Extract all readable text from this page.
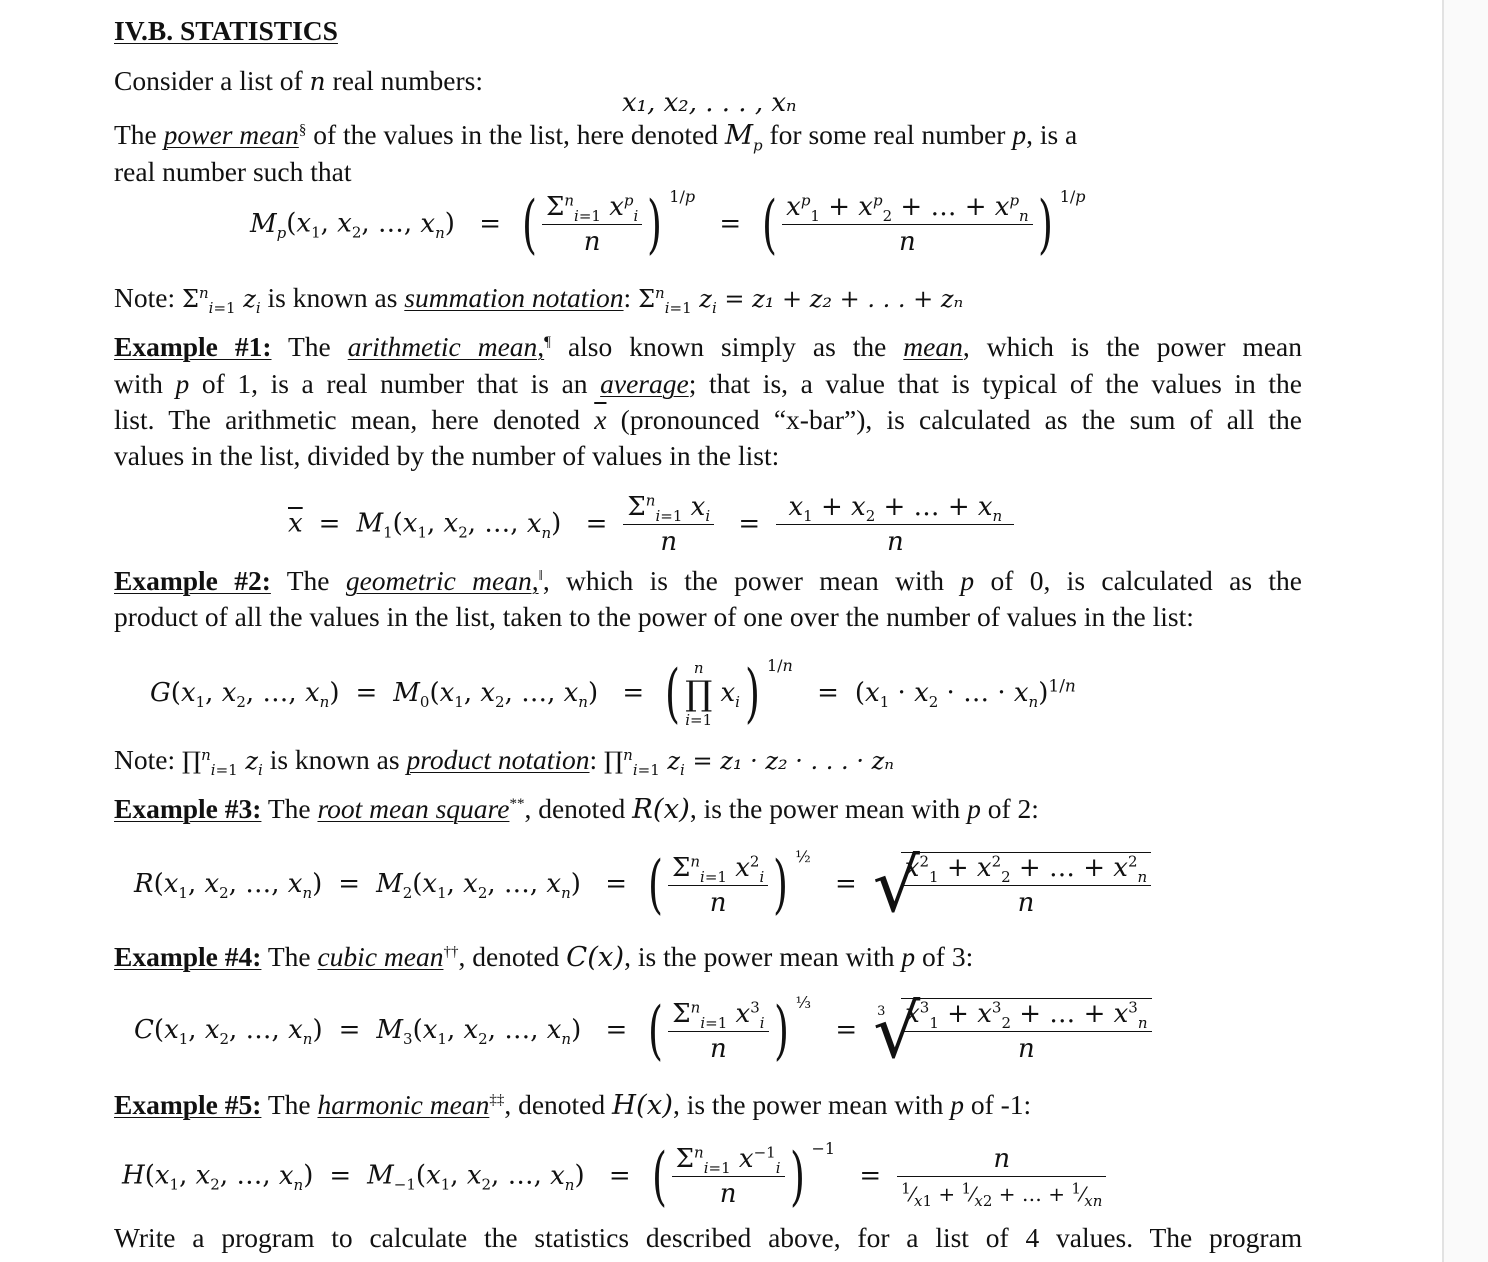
IV.B. STATISTICS
Consider a list of n real numbers:
x₁, x₂, . . . , xₙ
The power mean§ of the values in the list, here denoted $M_p$ for some real number p, is a
real number such that
$M_p(x_1$, $x_2$, …, $x_n$) = ( $\frac{\Sigma^n_{i=1} x^p_i}{n}$ ) $^{1/p}$ = ( $\frac{x^p_1 + x^p_2 + \dots + x^p_n}{n}$ ) $^{1/p}$
Note: $\Sigma^n_{i=1}$ $z_i$ is known as summation notation: $\Sigma^n_{i=1}$ $z_i = z_1 + z_2$ + . . . + zₙ
Example #1: The arithmetic mean,¶ also known simply as the mean, which is the power mean
with p of 1, is a real number that is an average; that is, a value that is typical of the values in the
list. The arithmetic mean, here denoted $\overline{x}$ (pronounced “x-bar”), is calculated as the sum of all the
values in the list, divided by the number of values in the list:
$\overline{x} = M_1(x_1$, $x_2$, …, $x_n) = \frac{\Sigma^n_{i=1} x_i}{n} = \frac{x_1 + x_2 + \dots + x_n}{n}$
Example #2: The geometric mean,‖, which is the power mean with p of 0, is calculated as the
product of all the values in the list, taken to the power of one over the number of values in the list:
$G(x_1$, $x_2$, …, $x_n) = M_0(x_1$, $x_2$, …, $x_n$) = ( n
∏
i=1 $x_i$) $^{1/n} = (x_1 \cdot x_2$ · … · $x_n)^{1/n}$
Note: ∏$^n_{i=1}$ $z_i$ is known as product notation: ∏$^n_{i=1}$ $z_i = z_1 \cdot z_2$ · . . . · zₙ
Example #3: The root mean square**, denoted R(x), is the power mean with p of 2:
$R(x_1$, $x_2$, …, $x_n) = M_2(x_1$, $x_2$, …, $x_n$) = ( $\frac{\Sigma^n_{i=1} x^2_i}{n}$ ) $^{\frac{1}{2}}$ = √ $\frac{x^2_1 + x^2_2 + \dots + x^2_n}{n}$
Example #4: The cubic mean††, denoted C(x), is the power mean with p of 3:
$C(x_1$, $x_2$, …, $x_n) = M_3(x_1$, $x_2$, …, $x_n$) = ( $\frac{\Sigma^n_{i=1} x^3_i}{n}$ ) $^{\frac{1}{3}}$ =
√ $3 \frac{x^3_1 + x^3_2 + \dots + x^3_n}{n}$
Example #5: The harmonic mean‡‡, denoted H(x), is the power mean with p of -1:
$H(x_1$, $x_2$, …, $x_n) = M_{-1}(x_1$, $x_2$, …, $x_n$) = ( $\frac{\Sigma^n_{i=1} x^{-1}_i}{n}$ ) $^{-1} = \frac{n}{^1⁄_{x1} + ^1⁄_{x2} + \dots + ^1⁄_{xn}}$
Write a program to calculate the statistics described above, for a list of 4 values. The program
